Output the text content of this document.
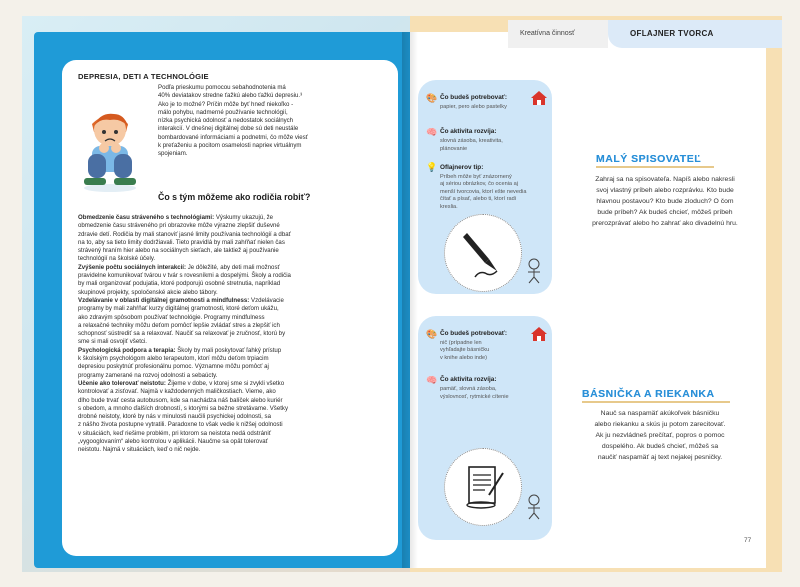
DEPRESIA, DETI A TECHNOLÓGIE
Podľa prieskumu pomocou sebahodnotenia má
40% deviatakov stredne ťažkú alebo ťažkú depresiu.³
Ako je to možné? Príčin môže byť hneď niekoľko -
málo pohybu, nadmerné používanie technológií,
nízka psychická odolnosť a nedostatok sociálnych
interakcií. V dnešnej digitálnej dobe sú deti neustále
bombardované informáciami a podnetmi, čo môže viesť
k preťaženiu a pocitom osamelosti naprieк virtuálnym
spojeniam.
Čo s tým môžeme ako rodičia robiť?
Obmedzenie času stráveného s technológiami: Výskumy ukazujú, že
obmedzenie času stráveného pri obrazovke môže výrazne zlepšiť duševné
zdravie detí. Rodičia by mali stanoviť jasné limity používania technológií a dbať
na to, aby sa tieto limity dodržiavali. Tieto pravidlá by mali zahŕňať nielen čas
strávený hraním hier alebo na sociálnych sieťach, ale taktiež aj používanie
technológií na školské účely.
Zvýšenie počtu sociálnych interakcií: Je dôležité, aby deti mali možnosť
pravidelne komunikovať tvárou v tvár s rovesníkmi a dospelými. Školy a rodičia
by mali organizovať podujatia, ktoré podporujú osobné stretnutia, napríklad
skupinové projekty, spoločenské akcie alebo tábory.
Vzdelávanie v oblasti digitálnej gramotnosti a mindfulness: Vzdelávacie
programy by mali zahŕňať kurzy digitálnej gramotnosti, ktoré deťom ukážu,
ako zdravým spôsobom používať technológie. Programy mindfulness
a relaxačné techniky môžu deťom pomôcť lepšie zvládať stres a zlepšiť ich
schopnosť sústrediť sa a relaxovať. Naučiť sa relaxovať je zručnosť, ktorú by
sme si mali osvojiť všetci.
Psychologická podpora a terapia: Školy by mali poskytovať ľahký prístup
k školským psychológom alebo terapeutom, ktorí môžu deťom trpiacim
depresiou poskytnúť profesionálnu pomoc. Významne môžu pomôcť aj
programy zamerané na rozvoj odolnosti a sebaúcty.
Učenie ako tolerovať neistotu: Žijeme v dobe, v ktorej sme si zvykli všetko
kontrolovať a zisťovať. Najmä v každodenných maličkostiach. Vieme, ako
dlho bude trvať cesta autobusom, kde sa nachádza náš balíček alebo kuriér
s obedom, a mnoho ďalších drobností, s ktorými sa bežne stretávame. Všetky
drobné neistoty, ktoré by nás v minulosti naučili psychickej odolnosti, sa
z nášho života postupne vytratili. Paradoxne to však vedie k nižšej odolnosti
v situáciách, keď riešime problém, pri ktorom sa neistota nedá odstrániť
„vygooglovaním“ alebo kontrolou v aplikácii. Naučme sa opät tolerovať
neistotu. Najmä v situáciách, keď o nič nejde.
Kreatívna činnosť	OFLAJNER TVORCA
🎨 Čo budeš potrebovať:
papier, pero alebo pastelky
🧠 Čo aktivita rozvíja:
slovná zásoba, kreativita,
plánovanie
💡 Oflajnerov tip:
Príbeh môže byť znázornený
aj sériou obrázkov, čo ocenia aj
menší tvorcovia, ktorí ešte nevedia
čítať a písať, alebo ti, ktorí radi
kreslia.
MALÝ SPISOVATEĽ
Zahraj sa na spisovateľa. Napíš alebo nakresli
svoj vlastný príbeh alebo rozprávku. Kto bude
hlavnou postavou? Kto bude zloduch? O čom
bude príbeh? Ak budeš chcieť, môžeš príbeh
prerozprávať alebo ho zahrať ako divadelnú hru.
🎨 Čo budeš potrebovať:
nič (prípadne len
vyhľadajte básničku
v knihe alebo inde)
🧠 Čo aktivita rozvíja:
pamäť, slovná zásoba,
výslovnosť, rytmické cítenie	BÁSNIČKA A RIEKANKA
Nauč sa naspamäť akúkoľvek básničku
alebo riekanku a skús ju potom zarecitovať.
Ak ju nezvládneš prečítať, popros o pomoc
dospelého. Ak budeš chcieť, môžeš sa
naučiť naspamäť aj text nejakej pesničky.
77
